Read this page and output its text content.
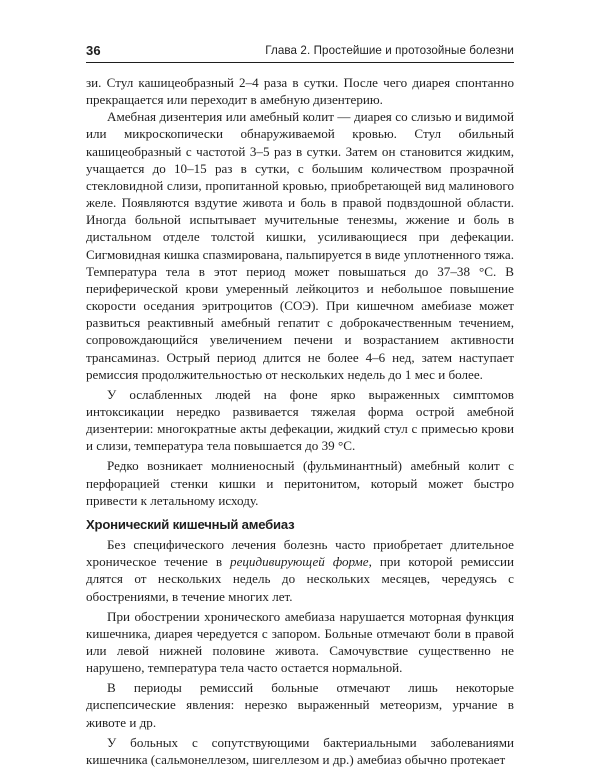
36	Глава 2. Простейшие и протозойные болезни

зи. Стул кашицеобразный 2–4 раза в сутки. После чего диарея спонтанно прекращается или переходит в амебную дизентерию.

Амебная дизентерия или амебный колит — диарея со слизью и видимой или микроскопически обнаруживаемой кровью. Стул обильный кашицеобразный с частотой 3–5 раз в сутки. Затем он становится жидким, учащается до 10–15 раз в сутки, с большим количеством прозрачной стекловидной слизи, пропитанной кровью, приобретающей вид малинового желе. Появляются вздутие живота и боль в правой подвздошной области. Иногда больной испытывает мучительные тенезмы, жжение и боль в дистальном отделе толстой кишки, усиливающиеся при дефекации. Сигмовидная кишка спазмирована, пальпируется в виде уплотненного тяжа. Температура тела в этот период может повышаться до 37–38 °С. В периферической крови умеренный лейкоцитоз и небольшое повышение скорости оседания эритроцитов (СОЭ). При кишечном амебиазе может развиться реактивный амебный гепатит с доброкачественным течением, сопровождающийся увеличением печени и возрастанием активности трансаминаз. Острый период длится не более 4–6 нед, затем наступает ремиссия продолжительностью от нескольких недель до 1 мес и более.

У ослабленных людей на фоне ярко выраженных симптомов интоксикации нередко развивается тяжелая форма острой амебной дизентерии: многократные акты дефекации, жидкий стул с примесью крови и слизи, температура тела повышается до 39 °С.

Редко возникает молниеносный (фульминантный) амебный колит с перфорацией стенки кишки и перитонитом, который может быстро привести к летальному исходу.

Хронический кишечный амебиаз

Без специфического лечения болезнь часто приобретает длительное хроническое течение в рецидивирующей форме, при которой ремиссии длятся от нескольких недель до нескольких месяцев, чередуясь с обострениями, в течение многих лет.

При обострении хронического амебиаза нарушается моторная функция кишечника, диарея чередуется с запором. Больные отмечают боли в правой или левой нижней половине живота. Самочувствие существенно не нарушено, температура тела часто остается нормальной.

В периоды ремиссий больные отмечают лишь некоторые диспепсические явления: нерезко выраженный метеоризм, урчание в животе и др.

У больных с сопутствующими бактериальными заболеваниями кишечника (сальмонеллезом, шигеллезом и др.) амебиаз обычно протекает
